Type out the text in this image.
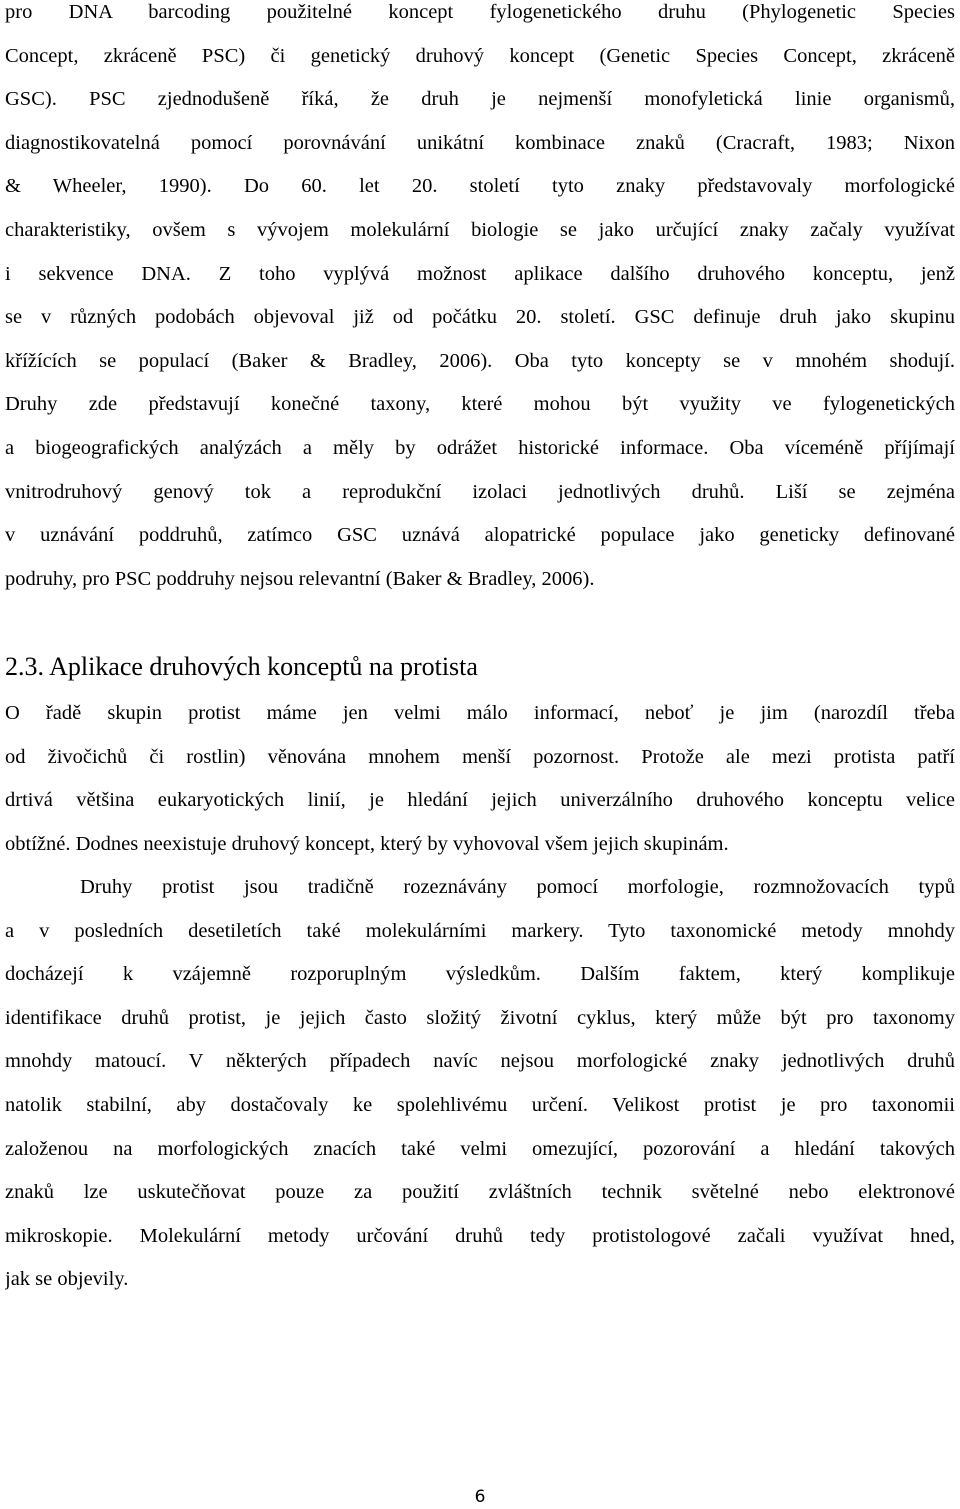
pro DNA barcoding použitelné koncept fylogenetického druhu (Phylogenetic Species
Concept, zkráceně PSC) či genetický druhový koncept (Genetic Species Concept, zkráceně
GSC). PSC zjednodušeně říká, že druh je nejmenší monofyletická linie organismů,
diagnostikovatelná pomocí porovnávání unikátní kombinace znaků (Cracraft, 1983; Nixon
& Wheeler, 1990). Do 60. let 20. století tyto znaky představovaly morfologické
charakteristiky, ovšem s vývojem molekulární biologie se jako určující znaky začaly využívat
i sekvence DNA. Z toho vyplývá možnost aplikace dalšího druhového konceptu, jenž
se v různých podobách objevoval již od počátku 20. století. GSC definuje druh jako skupinu
křížících se populací (Baker & Bradley, 2006). Oba tyto koncepty se v mnohém shodují.
Druhy zde představují konečné taxony, které mohou být využity ve fylogenetických
a biogeografických analýzách a měly by odrážet historické informace. Oba víceméně příjímají
vnitrodruhový genový tok a reprodukční izolaci jednotlivých druhů. Liší se zejména
v uznávání poddruhů, zatímco GSC uznává alopatrické populace jako geneticky definované
podruhy, pro PSC poddruhy nejsou relevantní (Baker & Bradley, 2006).
2.3. Aplikace druhových konceptů na protista
O řadě skupin protist máme jen velmi málo informací, neboť je jim (narozdíl třeba
od živočichů či rostlin) věnována mnohem menší pozornost. Protože ale mezi protista patří
drtivá většina eukaryotických linií, je hledání jejich univerzálního druhového konceptu velice
obtížné. Dodnes neexistuje druhový koncept, který by vyhovoval všem jejich skupinám.
Druhy protist jsou tradičně rozeznávány pomocí morfologie, rozmnožovacích typů
a v posledních desetiletích také molekulárními markery. Tyto taxonomické metody mnohdy
docházejí k vzájemně rozporuplným výsledkům. Dalším faktem, který komplikuje
identifikace druhů protist, je jejich často složitý životní cyklus, který může být pro taxonomy
mnohdy matoucí. V některých případech navíc nejsou morfologické znaky jednotlivých druhů
natolik stabilní, aby dostačovaly ke spolehlivému určení. Velikost protist je pro taxonomii
založenou na morfologických znacích také velmi omezující, pozorování a hledání takových
znaků lze uskutečňovat pouze za použití zvláštních technik světelné nebo elektronové
mikroskopie. Molekulární metody určování druhů tedy protistologové začali využívat hned,
jak se objevily.
6
